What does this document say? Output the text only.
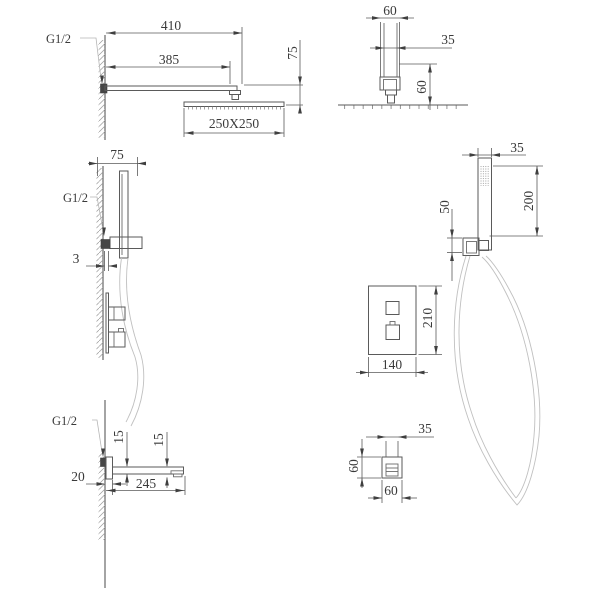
G1/2
410
385	75
250X250
60
35
60
G1/2
75
3
35
200
50
210
140
G1/2
15 15
20	245
35
60
60
